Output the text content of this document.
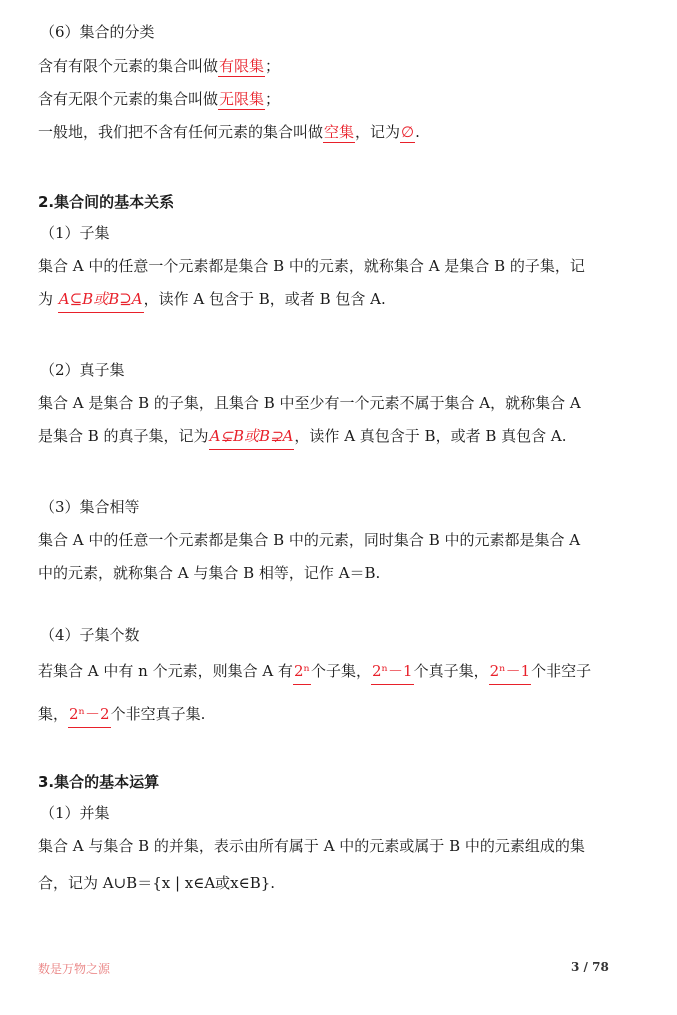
（6）集合的分类
含有有限个元素的集合叫做有限集；
含有无限个元素的集合叫做无限集；
一般地，我们把不含有任何元素的集合叫做空集，记为∅.
2.集合间的基本关系
（1）子集
集合 A 中的任意一个元素都是集合 B 中的元素，就称集合 A 是集合 B 的子集，记
为 A⊆B或B⊇A，读作 A 包含于 B，或者 B 包含 A.
（2）真子集
集合 A 是集合 B 的子集，且集合 B 中至少有一个元素不属于集合 A，就称集合 A
是集合 B 的真子集，记为A⊊B或B⊋A，读作 A 真包含于 B，或者 B 真包含 A.
（3）集合相等
集合 A 中的任意一个元素都是集合 B 中的元素，同时集合 B 中的元素都是集合 A
中的元素，就称集合 A 与集合 B 相等，记作 A＝B.
（4）子集个数
若集合 A 中有 n 个元素，则集合 A 有2ⁿ个子集，2ⁿ－1个真子集，2ⁿ－1个非空子
集，2ⁿ－2个非空真子集.
3.集合的基本运算
（1）并集
集合 A 与集合 B 的并集，表示由所有属于 A 中的元素或属于 B 中的元素组成的集
合，记为 A∪B＝{x | x∈A或x∈B}.
数是万物之源	3 / 78
